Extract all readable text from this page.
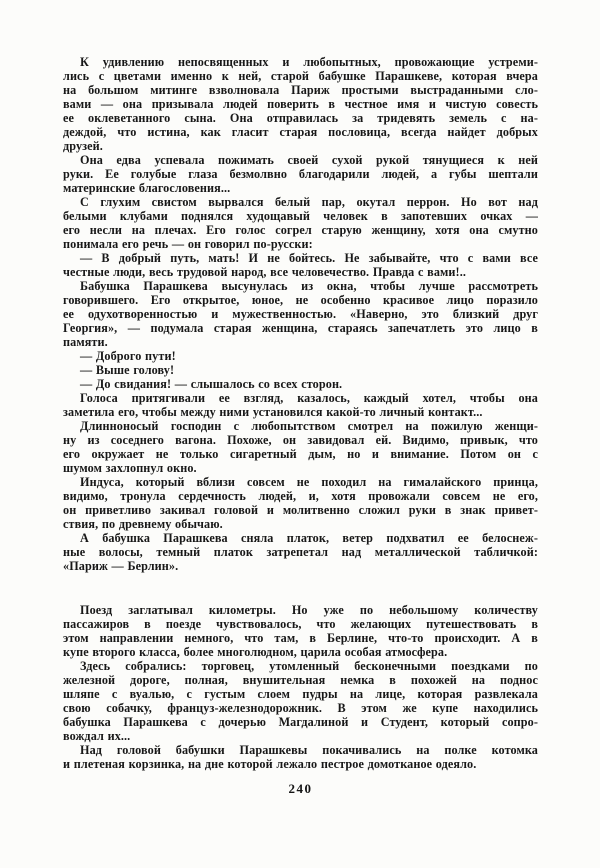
К удивлению непосвященных и любопытных, провожающие устреми-
лись с цветами именно к ней, старой бабушке Парашкеве, которая вчера
на большом митинге взволновала Париж простыми выстраданными сло-
вами — она призывала людей поверить в честное имя и чистую совесть
ее оклеветанного сына. Она отправилась за тридевять земель с на-
деждой, что истина, как гласит старая пословица, всегда найдет добрых
друзей.
Она едва успевала пожимать своей сухой рукой тянущиеся к ней
руки. Ее голубые глаза безмолвно благодарили людей, а губы шептали
материнские благословения...
С глухим свистом вырвался белый пар, окутал перрон. Но вот над
белыми клубами поднялся худощавый человек в запотевших очках —
его несли на плечах. Его голос согрел старую женщину, хотя она смутно
понимала его речь — он говорил по-русски:
— В добрый путь, мать! И не бойтесь. Не забывайте, что с вами все
честные люди, весь трудовой народ, все человечество. Правда с вами!..
Бабушка Парашкева высунулась из окна, чтобы лучше рассмотреть
говорившего. Его открытое, юное, не особенно красивое лицо поразило
ее одухотворенностью и мужественностью. «Наверно, это близкий друг
Георгия», — подумала старая женщина, стараясь запечатлеть это лицо в
памяти.
— Доброго пути!
— Выше голову!
— До свидания! — слышалось со всех сторон.
Голоса притягивали ее взгляд, казалось, каждый хотел, чтобы она
заметила его, чтобы между ними установился какой-то личный контакт...
Длинноносый господин с любопытством смотрел на пожилую женщи-
ну из соседнего вагона. Похоже, он завидовал ей. Видимо, привык, что
его окружает не только сигаретный дым, но и внимание. Потом он с
шумом захлопнул окно.
Индуса, который вблизи совсем не походил на гималайского принца,
видимо, тронула сердечность людей, и, хотя провожали совсем не его,
он приветливо закивал головой и молитвенно сложил руки в знак привет-
ствия, по древнему обычаю.
А бабушка Парашкева сняла платок, ветер подхватил ее белоснеж-
ные волосы, темный платок затрепетал над металлической табличкой:
«Париж — Берлин».
Поезд заглатывал километры. Но уже по небольшому количеству
пассажиров в поезде чувствовалось, что желающих путешествовать в
этом направлении немного, что там, в Берлине, что-то происходит. А в
купе второго класса, более многолюдном, царила особая атмосфера.
Здесь собрались: торговец, утомленный бесконечными поездками по
железной дороге, полная, внушительная немка в похожей на поднос
шляпе с вуалью, с густым слоем пудры на лице, которая развлекала
свою собачку, француз-железнодорожник. В этом же купе находились
бабушка Парашкева с дочерью Магдалиной и Студент, который сопро-
вождал их...
Над головой бабушки Парашкевы покачивались на полке котомка
и плетеная корзинка, на дне которой лежало пестрое домотканое одеяло.
240
